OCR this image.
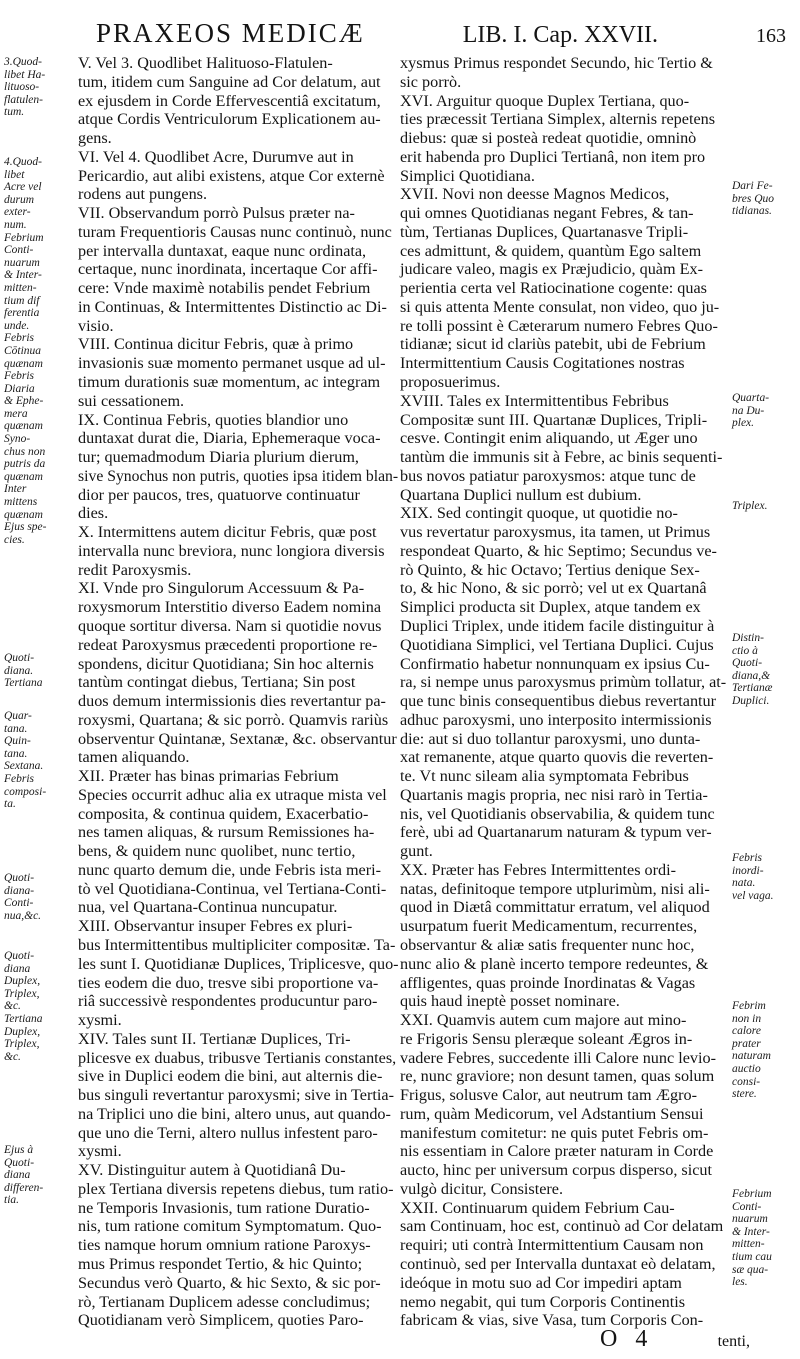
PRAXEOS MEDICÆ	LIB. I. Cap. XXVII.	163
3.Quod-
libet Ha-
lituoso-
flatulen-
tum.
4.Quod-
libet
Acre vel
durum
exter-
num.
Febrium
Conti-
nuarum
& Inter-
mitten-
tium dif
ferentia
unde.
Febris
Cōtinua
quænam
Febris
Diaria
& Ephe-
mera
quænam
Syno-
chus non
putris da
quænam
Inter
mittens
quænam
Ejus spe-
cies.
Quoti-
diana.
Tertiana
Quar-
tana.
Quin-
tana.
Sextana.
Febris
composi-
ta.
Quoti-
diana-
Conti-
nua,&c.
Quoti-
diana
Duplex,
Triplex,
&c.
Tertiana
Duplex,
Triplex,
&c.
Ejus à
Quoti-
diana
differen-
tia.
Dari Fe-
bres Quo
tidianas.
Quarta-
na Du-
plex.
Triplex.
Distin-
ctio à
Quoti-
diana,&
Tertianæ
Duplici.
Febris
inordi-
nata.
vel vaga.
Febrim
non in
calore
prater
naturam
auctio
consi-
stere.
Febrium
Conti-
nuarum
& Inter-
mitten-
tium cau
sæ qua-
les.
V. Vel 3. Quodlibet Halituoso-Flatulen-
tum, itidem cum Sanguine ad Cor delatum, aut
ex ejusdem in Corde Effervescentiâ excitatum,
atque Cordis Ventriculorum Explicationem au-
gens.
VI. Vel 4. Quodlibet Acre, Durumve aut in
Pericardio, aut alibi existens, atque Cor externè
rodens aut pungens.
VII. Observandum porrò Pulsus præter na-
turam Frequentioris Causas nunc continuò, nunc
per intervalla duntaxat, eaque nunc ordinata,
certaque, nunc inordinata, incertaque Cor affi-
cere: Vnde maximè notabilis pendet Febrium
in Continuas, & Intermittentes Distinctio ac Di-
visio.
VIII. Continua dicitur Febris, quæ à primo
invasionis suæ momento permanet usque ad ul-
timum durationis suæ momentum, ac integram
sui cessationem.
IX. Continua Febris, quoties blandior uno
duntaxat durat die, Diaria, Ephemeraque voca-
tur; quemadmodum Diaria plurium dierum,
sive Synochus non putris, quoties ipsa itidem blan-
dior per paucos, tres, quatuorve continuatur
dies.
X. Intermittens autem dicitur Febris, quæ post
intervalla nunc breviora, nunc longiora diversis
redit Paroxysmis.
XI. Vnde pro Singulorum Accessuum & Pa-
roxysmorum Interstitio diverso Eadem nomina
quoque sortitur diversa. Nam si quotidie novus
redeat Paroxysmus præcedenti proportione re-
spondens, dicitur Quotidiana; Sin hoc alternis
tantùm contingat diebus, Tertiana; Sin post
duos demum intermissionis dies revertantur pa-
roxysmi, Quartana; & sic porrò. Quamvis rariùs
observentur Quintanæ, Sextanæ, &c. observantur
tamen aliquando.
XII. Præter has binas primarias Febrium
Species occurrit adhuc alia ex utraque mista vel
composita, & continua quidem, Exacerbatio-
nes tamen aliquas, & rursum Remissiones ha-
bens, & quidem nunc quolibet, nunc tertio,
nunc quarto demum die, unde Febris ista meri-
tò vel Quotidiana-Continua, vel Tertiana-Conti-
nua, vel Quartana-Continua nuncupatur.
XIII. Observantur insuper Febres ex pluri-
bus Intermittentibus multipliciter compositæ. Ta-
les sunt I. Quotidianæ Duplices, Triplicesve, quo-
ties eodem die duo, tresve sibi proportione va-
riâ successivè respondentes producuntur paro-
xysmi.
XIV. Tales sunt II. Tertianæ Duplices, Tri-
plicesve ex duabus, tribusve Tertianis constantes,
sive in Duplici eodem die bini, aut alternis die-
bus singuli revertantur paroxysmi; sive in Tertia-
na Triplici uno die bini, altero unus, aut quando-
que uno die Terni, altero nullus infestent paro-
xysmi.
XV. Distinguitur autem à Quotidianâ Du-
plex Tertiana diversis repetens diebus, tum ratio-
ne Temporis Invasionis, tum ratione Duratio-
nis, tum ratione comitum Symptomatum. Quo-
ties namque horum omnium ratione Paroxys-
mus Primus respondet Tertio, & hic Quinto;
Secundus verò Quarto, & hic Sexto, & sic por-
rò, Tertianam Duplicem adesse concludimus;
Quotidianam verò Simplicem, quoties Paro-
xysmus Primus respondet Secundo, hic Tertio &
sic porrò.
XVI. Arguitur quoque Duplex Tertiana, quo-
ties præcessit Tertiana Simplex, alternis repetens
diebus: quæ si posteà redeat quotidie, omninò
erit habenda pro Duplici Tertianâ, non item pro
Simplici Quotidiana.
XVII. Novi non deesse Magnos Medicos,
qui omnes Quotidianas negant Febres, & tan-
tùm, Tertianas Duplices, Quartanasve Tripli-
ces admittunt, & quidem, quantùm Ego saltem
judicare valeo, magis ex Præjudicio, quàm Ex-
perientia certa vel Ratiocinatione cogente: quas
si quis attenta Mente consulat, non video, quo ju-
re tolli possint è Cæterarum numero Febres Quo-
tidianæ; sicut id clariùs patebit, ubi de Febrium
Intermittentium Causis Cogitationes nostras
proposuerimus.
XVIII. Tales ex Intermittentibus Febribus
Compositæ sunt III. Quartanæ Duplices, Tripli-
cesve. Contingit enim aliquando, ut Æger uno
tantùm die immunis sit à Febre, ac binis sequenti-
bus novos patiatur paroxysmos: atque tunc de
Quartana Duplici nullum est dubium.
XIX. Sed contingit quoque, ut quotidie no-
vus revertatur paroxysmus, ita tamen, ut Primus
respondeat Quarto, & hic Septimo; Secundus ve-
rò Quinto, & hic Octavo; Tertius denique Sex-
to, & hic Nono, & sic porrò; vel ut ex Quartanâ
Simplici producta sit Duplex, atque tandem ex
Duplici Triplex, unde itidem facile distinguitur à
Quotidiana Simplici, vel Tertiana Duplici. Cujus
Confirmatio habetur nonnunquam ex ipsius Cu-
ra, si nempe unus paroxysmus primùm tollatur, at-
que tunc binis consequentibus diebus revertantur
adhuc paroxysmi, uno interposito intermissionis
die: aut si duo tollantur paroxysmi, uno dunta-
xat remanente, atque quarto quovis die reverten-
te. Vt nunc sileam alia symptomata Febribus
Quartanis magis propria, nec nisi rarò in Tertia-
nis, vel Quotidianis observabilia, & quidem tunc
ferè, ubi ad Quartanarum naturam & typum ver-
gunt.
XX. Præter has Febres Intermittentes ordi-
natas, definitoque tempore utplurimùm, nisi ali-
quod in Diætâ committatur erratum, vel aliquod
usurpatum fuerit Medicamentum, recurrentes,
observantur & aliæ satis frequenter nunc hoc,
nunc alio & planè incerto tempore redeuntes, &
affligentes, quas proinde Inordinatas & Vagas
quis haud ineptè posset nominare.
XXI. Quamvis autem cum majore aut mino-
re Frigoris Sensu pleræque soleant Ægros in-
vadere Febres, succedente illi Calore nunc levio-
re, nunc graviore; non desunt tamen, quas solum
Frigus, solusve Calor, aut neutrum tam Ægro-
rum, quàm Medicorum, vel Adstantium Sensui
manifestum comitetur: ne quis putet Febris om-
nis essentiam in Calore præter naturam in Corde
aucto, hinc per universum corpus disperso, sicut
vulgò dicitur, Consistere.
XXII. Continuarum quidem Febrium Cau-
sam Continuam, hoc est, continuò ad Cor delatam
requiri; uti contrà Intermittentium Causam non
continuò, sed per Intervalla duntaxat eò delatam,
ideóque in motu suo ad Cor impediri aptam
nemo negabit, qui tum Corporis Continentis
fabricam & vias, sive Vasa, tum Corporis Con-
O 4	tenti,
